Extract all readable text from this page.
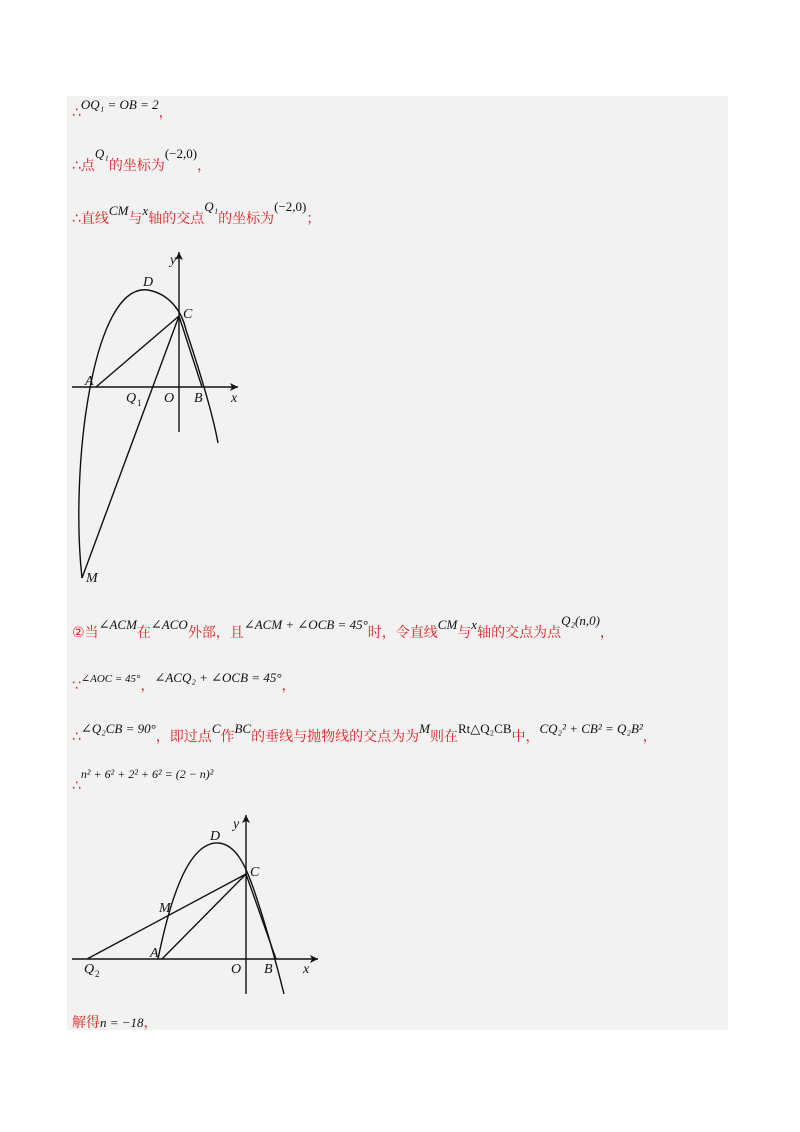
∴OQ₁ = OB = 2，
∴点Q₁的坐标为(−2,0)，
∴直线CM与x轴的交点Q₁的坐标为(−2,0)；
y
x
D
C
A
Q 1 O B
M
②当∠ACM在∠ACO外部，且∠ACM + ∠OCB = 45°时，令直线CM与x轴的交点为点Q₂(n,0)，
∵$^{\angle AOC = 45^\circ}$，∠ACQ₂ + ∠OCB = 45°，
∴∠Q₂CB = 90°，即过点C作BC的垂线与抛物线的交点为为M则在Rt△Q₂CB中，CQ₂² + CB² = Q₂B²，
∴n² + 6² + 2² + 6² = (2 − n)²
y
x
D
C
M
A
Q 2	O B
解得n = −18，
